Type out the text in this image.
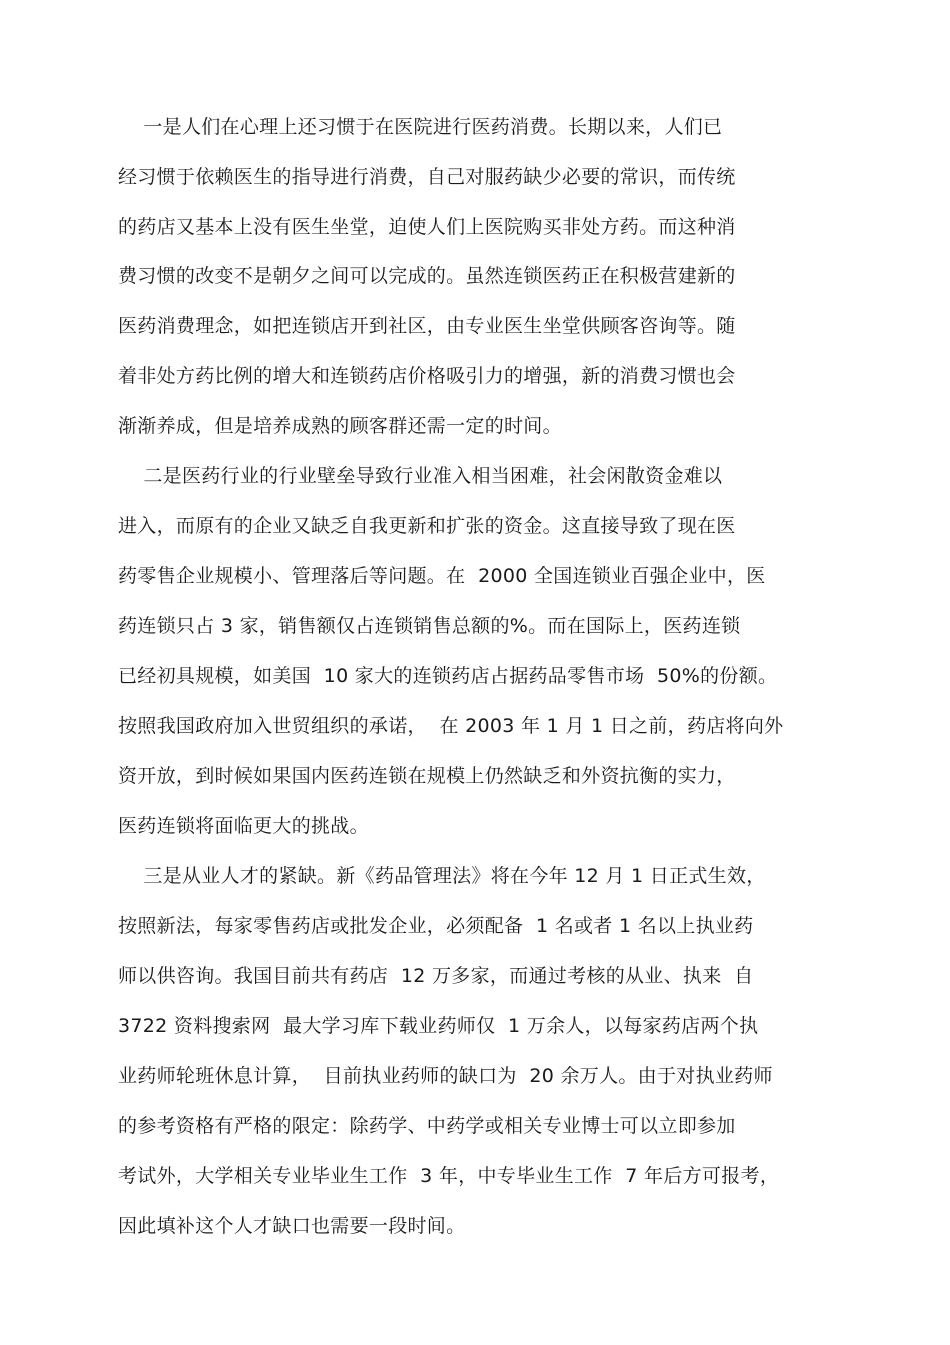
一是人们在心理上还习惯于在医院进行医药消费。长期以来，人们已
经习惯于依赖医生的指导进行消费，自己对服药缺少必要的常识，而传统
的药店又基本上没有医生坐堂，迫使人们上医院购买非处方药。而这种消
费习惯的改变不是朝夕之间可以完成的。虽然连锁医药正在积极营建新的
医药消费理念，如把连锁店开到社区，由专业医生坐堂供顾客咨询等。随
着非处方药比例的增大和连锁药店价格吸引力的增强，新的消费习惯也会
渐渐养成，但是培养成熟的顾客群还需一定的时间。
二是医药行业的行业壁垒导致行业准入相当困难，社会闲散资金难以
进入，而原有的企业又缺乏自我更新和扩张的资金。这直接导致了现在医
药零售企业规模小、管理落后等问题。在  2000 全国连锁业百强企业中，医
药连锁只占 3 家，销售额仅占连锁销售总额的%。而在国际上，医药连锁
已经初具规模，如美国  10 家大的连锁药店占据药品零售市场  50%的份额。
按照我国政府加入世贸组织的承诺，  在 2003 年 1 月 1 日之前，药店将向外
资开放，到时候如果国内医药连锁在规模上仍然缺乏和外资抗衡的实力，
医药连锁将面临更大的挑战。
三是从业人才的紧缺。新《药品管理法》将在今年 12 月 1 日正式生效，
按照新法，每家零售药店或批发企业，必须配备  1 名或者 1 名以上执业药
师以供咨询。我国目前共有药店  12 万多家，而通过考核的从业、执来  自
3722 资料搜索网  最大学习库下载业药师仅  1 万余人，以每家药店两个执
业药师轮班休息计算，  目前执业药师的缺口为  20 余万人。由于对执业药师
的参考资格有严格的限定：除药学、中药学或相关专业博士可以立即参加
考试外，大学相关专业毕业生工作  3 年，中专毕业生工作  7 年后方可报考，
因此填补这个人才缺口也需要一段时间。
